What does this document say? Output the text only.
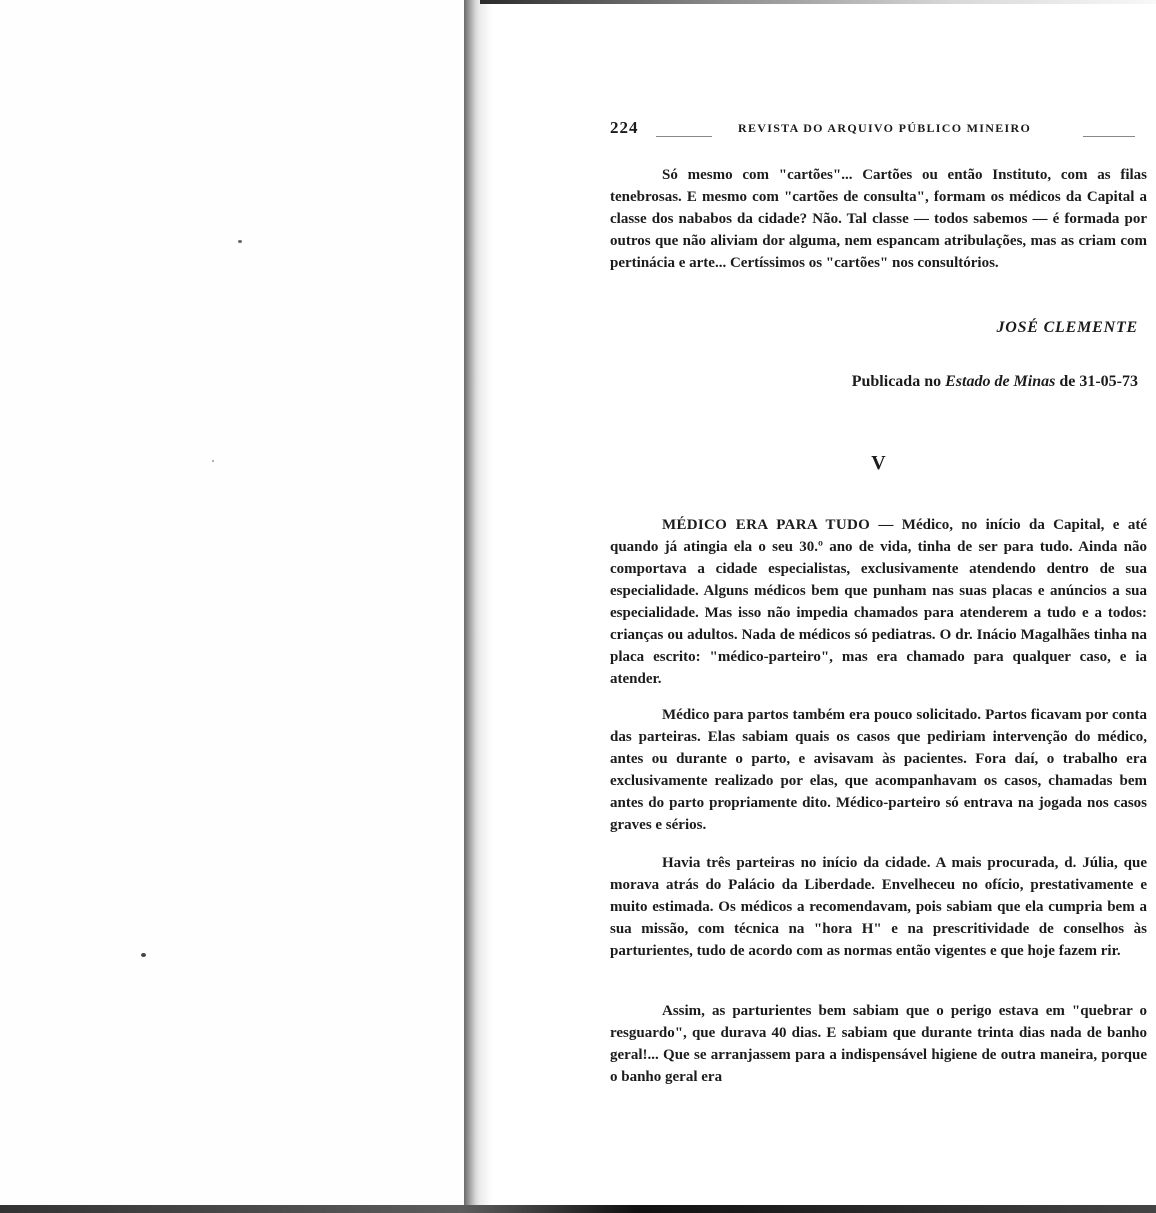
224	REVISTA DO ARQUIVO PÚBLICO MINEIRO

Só mesmo com "cartões"... Cartões ou então Instituto, com as filas tenebrosas. E mesmo com "cartões de consulta", formam os médicos da Capital a classe dos nababos da cidade? Não. Tal classe — todos sabemos — é formada por outros que não aliviam dor alguma, nem espancam atribulações, mas as criam com pertinácia e arte... Certíssimos os "cartões" nos consultórios.

JOSÉ CLEMENTE
Publicada no Estado de Minas de 31-05-73
V

MÉDICO ERA PARA TUDO — Médico, no início da Capital, e até quando já atingia ela o seu 30.º ano de vida, tinha de ser para tudo. Ainda não comportava a cidade especialistas, exclusivamente atendendo dentro de sua especialidade. Alguns médicos bem que punham nas suas placas e anúncios a sua especialidade. Mas isso não impedia chamados para atenderem a tudo e a todos: crianças ou adultos. Nada de médicos só pediatras. O dr. Inácio Magalhães tinha na placa escrito: "médico-parteiro", mas era chamado para qualquer caso, e ia atender.

Médico para partos também era pouco solicitado. Partos ficavam por conta das parteiras. Elas sabiam quais os casos que pediriam intervenção do médico, antes ou durante o parto, e avisavam às pacientes. Fora daí, o trabalho era exclusivamente realizado por elas, que acompanhavam os casos, chamadas bem antes do parto propriamente dito. Médico-parteiro só entrava na jogada nos casos graves e sérios.

Havia três parteiras no início da cidade. A mais procurada, d. Júlia, que morava atrás do Palácio da Liberdade. Envelheceu no ofício, prestativamente e muito estimada. Os médicos a recomendavam, pois sabiam que ela cumpria bem a sua missão, com técnica na "hora H" e na prescritividade de conselhos às parturientes, tudo de acordo com as normas então vigentes e que hoje fazem rir.

Assim, as parturientes bem sabiam que o perigo estava em "quebrar o resguardo", que durava 40 dias. E sabiam que durante trinta dias nada de banho geral!... Que se arranjassem para a indispensável higiene de outra maneira, porque o banho geral era
